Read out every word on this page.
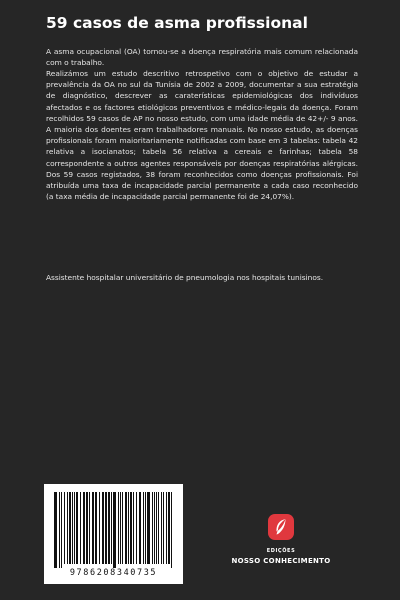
59 casos de asma profissional

A asma ocupacional (OA) tornou-se a doença respiratória mais comum relacionada com o trabalho.

Realizámos um estudo descritivo retrospetivo com o objetivo de estudar a prevalência da OA no sul da Tunísia de 2002 a 2009, documentar a sua estratégia de diagnóstico, descrever as caraterísticas epidemiológicas dos indivíduos afectados e os factores etiológicos preventivos e médico-legais da doença. Foram recolhidos 59 casos de AP no nosso estudo, com uma idade média de 42+/- 9 anos. A maioria dos doentes eram trabalhadores manuais. No nosso estudo, as doenças profissionais foram maioritariamente notificadas com base em 3 tabelas: tabela 42 relativa a isocianatos; tabela 56 relativa a cereais e farinhas; tabela 58 correspondente a outros agentes responsáveis por doenças respiratórias alérgicas. Dos 59 casos registados, 38 foram reconhecidos como doenças profissionais. Foi atribuída uma taxa de incapacidade parcial permanente a cada caso reconhecido (a taxa média de incapacidade parcial permanente foi de 24,07%).

Assistente hospitalar universitário de pneumologia nos hospitais tunisinos.

9786208340735
EDIÇÕES
NOSSO CONHECIMENTO
